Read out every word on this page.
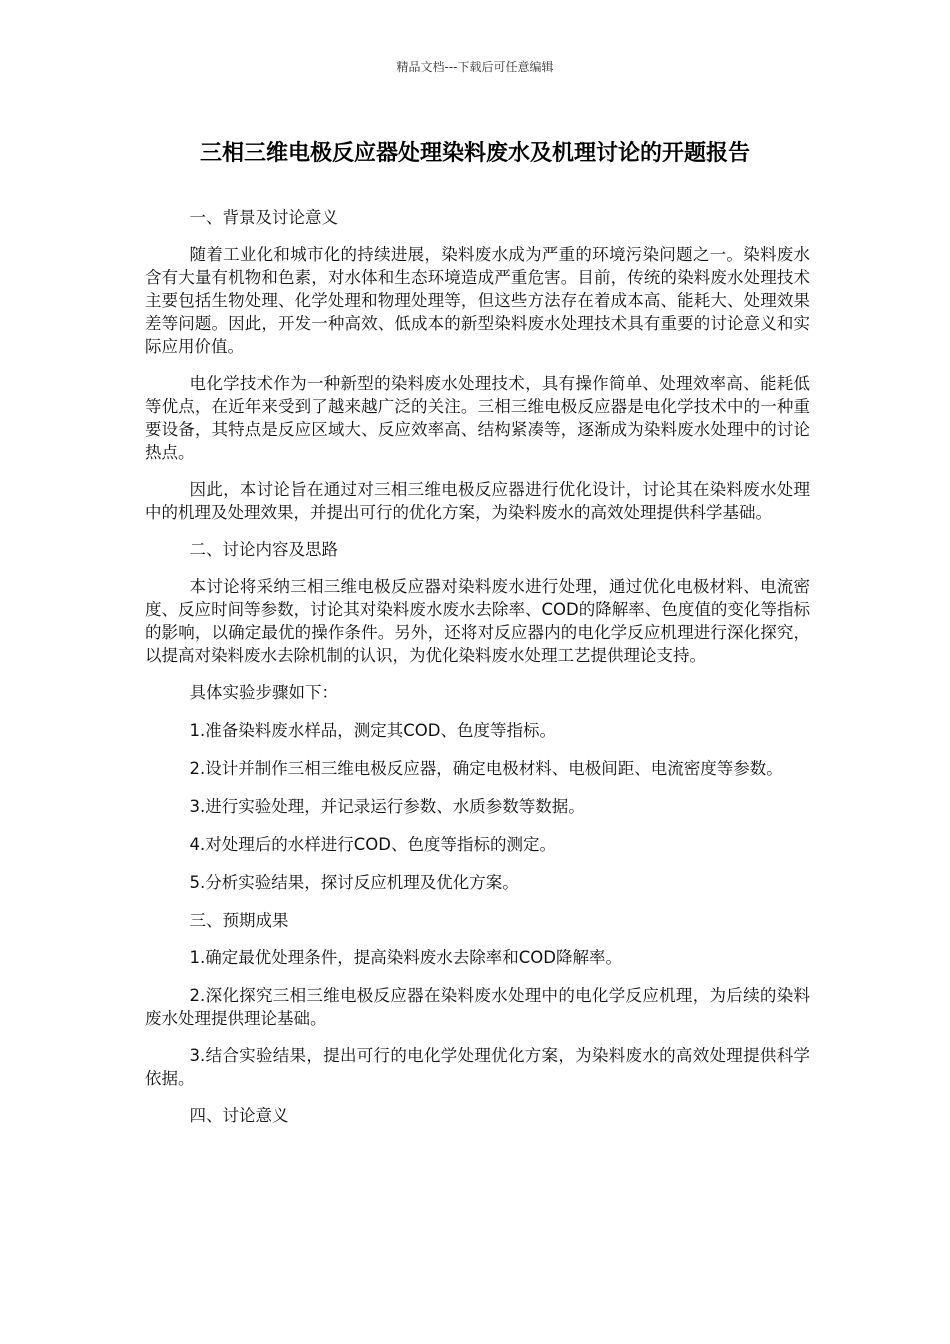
精品文档---下载后可任意编辑
三相三维电极反应器处理染料废水及机理讨论的开题报告
一、背景及讨论意义

随着工业化和城市化的持续进展，染料废水成为严重的环境污染问题之一。染料废水含有大量有机物和色素，对水体和生态环境造成严重危害。目前，传统的染料废水处理技术主要包括生物处理、化学处理和物理处理等，但这些方法存在着成本高、能耗大、处理效果差等问题。因此，开发一种高效、低成本的新型染料废水处理技术具有重要的讨论意义和实际应用价值。

电化学技术作为一种新型的染料废水处理技术，具有操作简单、处理效率高、能耗低等优点，在近年来受到了越来越广泛的关注。三相三维电极反应器是电化学技术中的一种重要设备，其特点是反应区域大、反应效率高、结构紧凑等，逐渐成为染料废水处理中的讨论热点。

因此，本讨论旨在通过对三相三维电极反应器进行优化设计，讨论其在染料废水处理中的机理及处理效果，并提出可行的优化方案，为染料废水的高效处理提供科学基础。

二、讨论内容及思路

本讨论将采纳三相三维电极反应器对染料废水进行处理，通过优化电极材料、电流密度、反应时间等参数，讨论其对染料废水废水去除率、COD的降解率、色度值的变化等指标的影响，以确定最优的操作条件。另外，还将对反应器内的电化学反应机理进行深化探究，以提高对染料废水去除机制的认识，为优化染料废水处理工艺提供理论支持。

具体实验步骤如下：
1.准备染料废水样品，测定其COD、色度等指标。
2.设计并制作三相三维电极反应器，确定电极材料、电极间距、电流密度等参数。
3.进行实验处理，并记录运行参数、水质参数等数据。
4.对处理后的水样进行COD、色度等指标的测定。
5.分析实验结果，探讨反应机理及优化方案。
三、预期成果
1.确定最优处理条件，提高染料废水去除率和COD降解率。

2.深化探究三相三维电极反应器在染料废水处理中的电化学反应机理，为后续的染料废水处理提供理论基础。

3.结合实验结果，提出可行的电化学处理优化方案，为染料废水的高效处理提供科学依据。

四、讨论意义
